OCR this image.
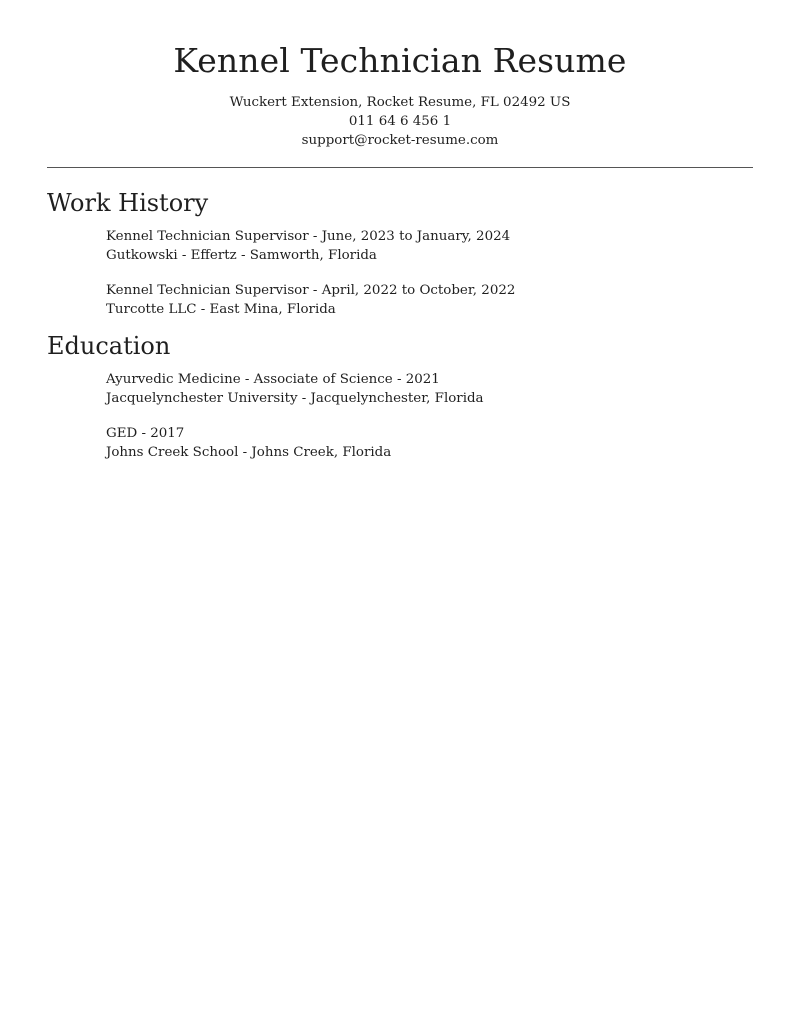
Kennel Technician Resume
Wuckert Extension, Rocket Resume, FL 02492 US
011 64 6 456 1
support@rocket-resume.com
Work History
Kennel Technician Supervisor - June, 2023 to January, 2024
Gutkowski - Effertz - Samworth, Florida
Kennel Technician Supervisor - April, 2022 to October, 2022
Turcotte LLC - East Mina, Florida
Education
Ayurvedic Medicine - Associate of Science - 2021
Jacquelynchester University - Jacquelynchester, Florida
GED - 2017
Johns Creek School - Johns Creek, Florida
